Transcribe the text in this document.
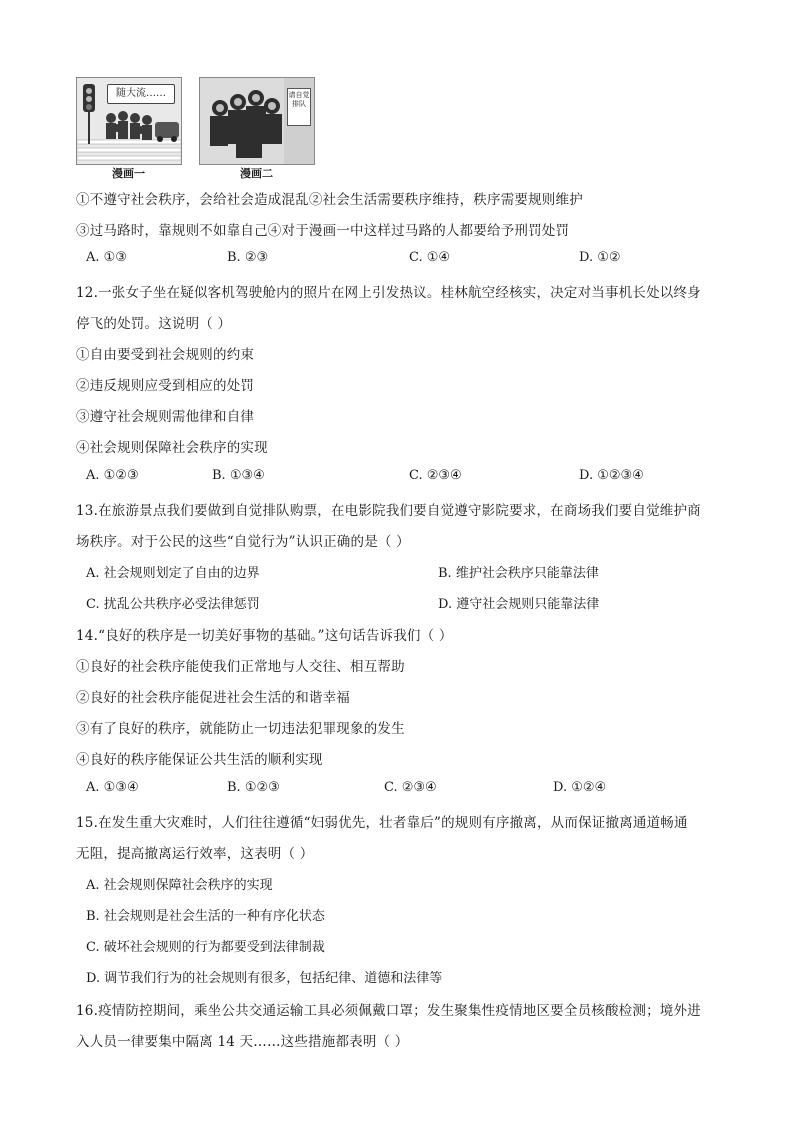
随大流……
漫画一
请自觉排队
漫画二
①不遵守社会秩序，会给社会造成混乱②社会生活需要秩序维持，秩序需要规则维护
③过马路时，靠规则不如靠自己④对于漫画一中这样过马路的人都要给予刑罚处罚
A. ①③	B. ②③	C. ①④	D. ①②
12.一张女子坐在疑似客机驾驶舱内的照片在网上引发热议。桂林航空经核实，决定对当事机长处以终身
停飞的处罚。这说明（ ）
①自由要受到社会规则的约束
②违反规则应受到相应的处罚
③遵守社会规则需他律和自律
④社会规则保障社会秩序的实现
A. ①②③	B. ①③④	C. ②③④	D. ①②③④
13.在旅游景点我们要做到自觉排队购票，在电影院我们要自觉遵守影院要求，在商场我们要自觉维护商
场秩序。对于公民的这些“自觉行为”认识正确的是（ ）
A. 社会规则划定了自由的边界	B. 维护社会秩序只能靠法律
C. 扰乱公共秩序必受法律惩罚	D. 遵守社会规则只能靠法律
14.“良好的秩序是一切美好事物的基础。”这句话告诉我们（ ）
①良好的社会秩序能使我们正常地与人交往、相互帮助
②良好的社会秩序能促进社会生活的和谐幸福
③有了良好的秩序，就能防止一切违法犯罪现象的发生
④良好的秩序能保证公共生活的顺利实现
A. ①③④	B. ①②③	C. ②③④	D. ①②④
15.在发生重大灾难时，人们往往遵循“妇弱优先，壮者靠后”的规则有序撤离，从而保证撤离通道畅通
无阻，提高撤离运行效率，这表明（ ）
A. 社会规则保障社会秩序的实现
B. 社会规则是社会生活的一种有序化状态
C. 破坏社会规则的行为都要受到法律制裁
D. 调节我们行为的社会规则有很多，包括纪律、道德和法律等
16.疫情防控期间，乘坐公共交通运输工具必须佩戴口罩；发生聚集性疫情地区要全员核酸检测；境外进
入人员一律要集中隔离 14 天……这些措施都表明（ ）
